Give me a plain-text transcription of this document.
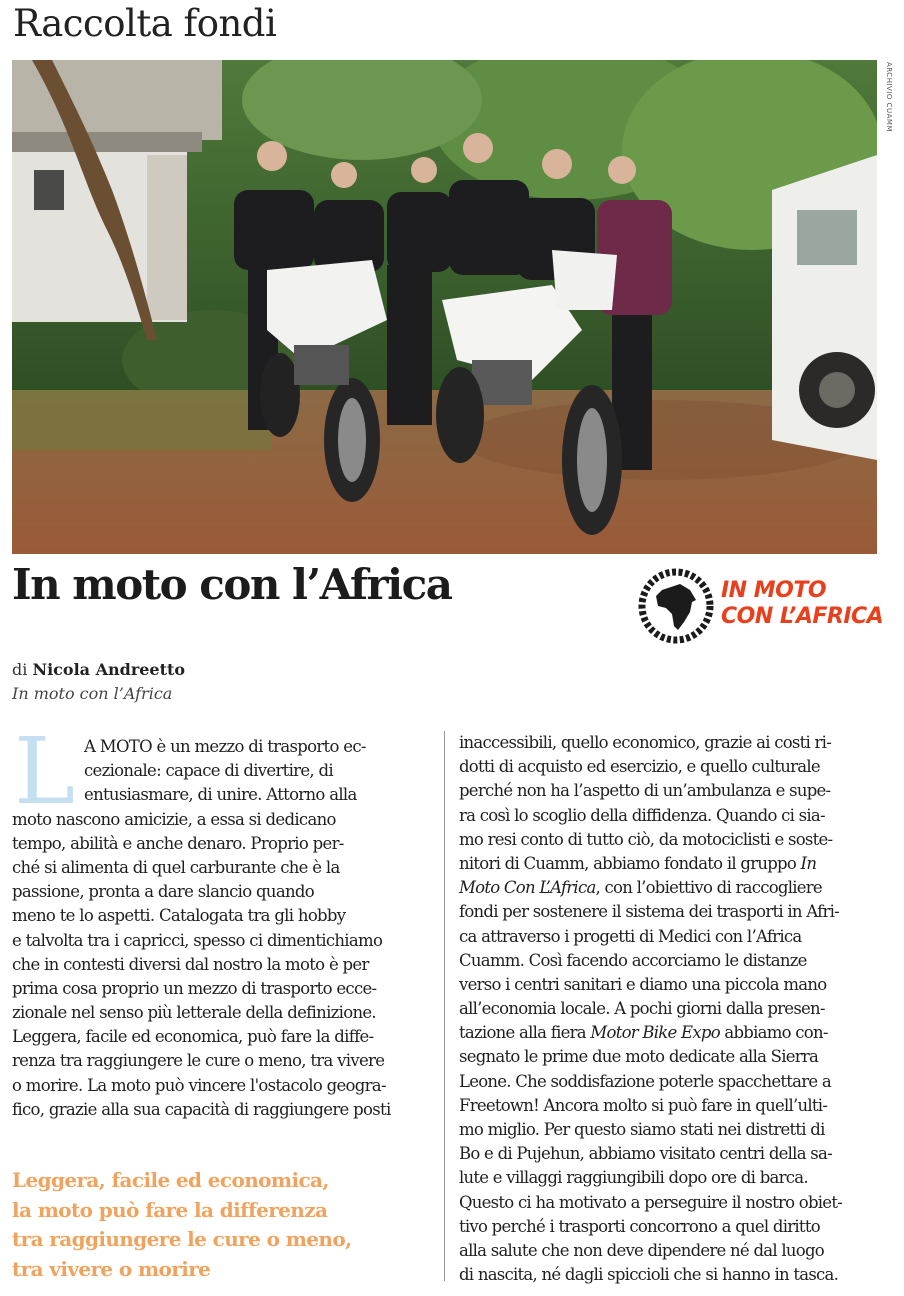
Raccolta fondi
ARCHIVIO CUAMM
In moto con l’Africa	IN MOTO
CON L’AFRICA
di Nicola Andreetto
In moto con l’Africa
L A MOTO è un mezzo di trasporto ec-
cezionale: capace di divertire, di
entusiasmare, di unire. Attorno alla
moto nascono amicizie, a essa si dedicano
tempo, abilità e anche denaro. Proprio per-
ché si alimenta di quel carburante che è la
passione, pronta a dare slancio quando
meno te lo aspetti. Catalogata tra gli hobby
e talvolta tra i capricci, spesso ci dimentichiamo
che in contesti diversi dal nostro la moto è per
prima cosa proprio un mezzo di trasporto ecce-
zionale nel senso più letterale della definizione.
Leggera, facile ed economica, può fare la diffe-
renza tra raggiungere le cure o meno, tra vivere
o morire. La moto può vincere l'ostacolo geogra-
fico, grazie alla sua capacità di raggiungere posti
Leggera, facile ed economica,
la moto può fare la differenza
tra raggiungere le cure o meno,
tra vivere o morire
inaccessibili, quello economico, grazie ai costi ri-
dotti di acquisto ed esercizio, e quello culturale
perché non ha l’aspetto di un’ambulanza e supe-
ra così lo scoglio della diffidenza. Quando ci sia-
mo resi conto di tutto ciò, da motociclisti e soste-
nitori di Cuamm, abbiamo fondato il gruppo In
Moto Con L’Africa, con l’obiettivo di raccogliere
fondi per sostenere il sistema dei trasporti in Afri-
ca attraverso i progetti di Medici con l’Africa
Cuamm. Così facendo accorciamo le distanze
verso i centri sanitari e diamo una piccola mano
all’economia locale. A pochi giorni dalla presen-
tazione alla fiera Motor Bike Expo abbiamo con-
segnato le prime due moto dedicate alla Sierra
Leone. Che soddisfazione poterle spacchettare a
Freetown! Ancora molto si può fare in quell’ulti-
mo miglio. Per questo siamo stati nei distretti di
Bo e di Pujehun, abbiamo visitato centri della sa-
lute e villaggi raggiungibili dopo ore di barca.
Questo ci ha motivato a perseguire il nostro obiet-
tivo perché i trasporti concorrono a quel diritto
alla salute che non deve dipendere né dal luogo
di nascita, né dagli spiccioli che si hanno in tasca.
